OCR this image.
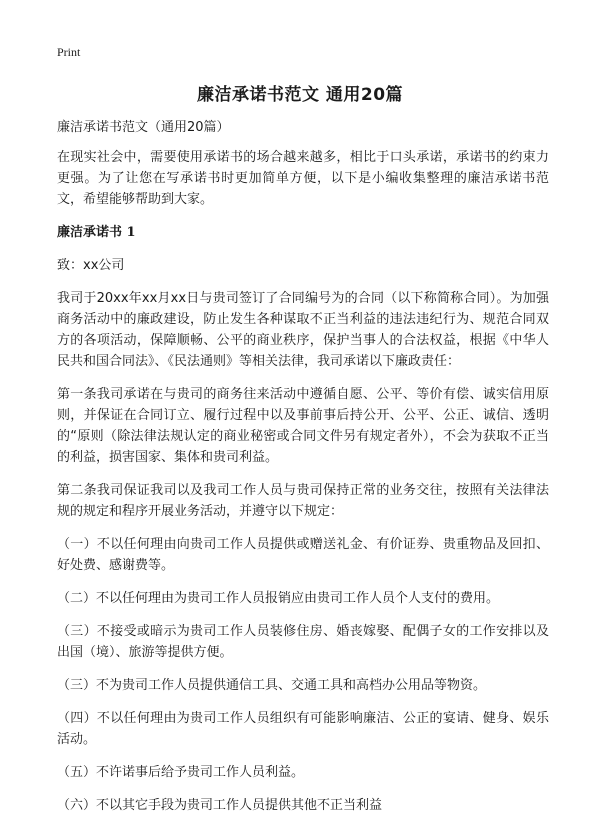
Print
廉洁承诺书范文 通用20篇

廉洁承诺书范文（通用20篇）

在现实社会中，需要使用承诺书的场合越来越多，相比于口头承诺，承诺书的约束力更强。为了让您在写承诺书时更加简单方便，以下是小编收集整理的廉洁承诺书范文，希望能够帮助到大家。

廉洁承诺书 1

致：xx公司

我司于20xx年xx月xx日与贵司签订了合同编号为的合同（以下称简称合同）。为加强商务活动中的廉政建设，防止发生各种谋取不正当利益的违法违纪行为、规范合同双方的各项活动，保障顺畅、公平的商业秩序，保护当事人的合法权益，根据《中华人民共和国合同法》、《民法通则》等相关法律，我司承诺以下廉政责任：

第一条我司承诺在与贵司的商务往来活动中遵循自愿、公平、等价有偿、诚实信用原则，并保证在合同订立、履行过程中以及事前事后持公开、公平、公正、诚信、透明的“原则（除法律法规认定的商业秘密或合同文件另有规定者外），不会为获取不正当的利益，损害国家、集体和贵司利益。

第二条我司保证我司以及我司工作人员与贵司保持正常的业务交往，按照有关法律法规的规定和程序开展业务活动，并遵守以下规定：

（一）不以任何理由向贵司工作人员提供或赠送礼金、有价证券、贵重物品及回扣、好处费、感谢费等。

（二）不以任何理由为贵司工作人员报销应由贵司工作人员个人支付的费用。

（三）不接受或暗示为贵司工作人员装修住房、婚丧嫁娶、配偶子女的工作安排以及出国（境）、旅游等提供方便。

（三）不为贵司工作人员提供通信工具、交通工具和高档办公用品等物资。

（四）不以任何理由为贵司工作人员组织有可能影响廉洁、公正的宴请、健身、娱乐活动。

（五）不许诺事后给予贵司工作人员利益。

（六）不以其它手段为贵司工作人员提供其他不正当利益
